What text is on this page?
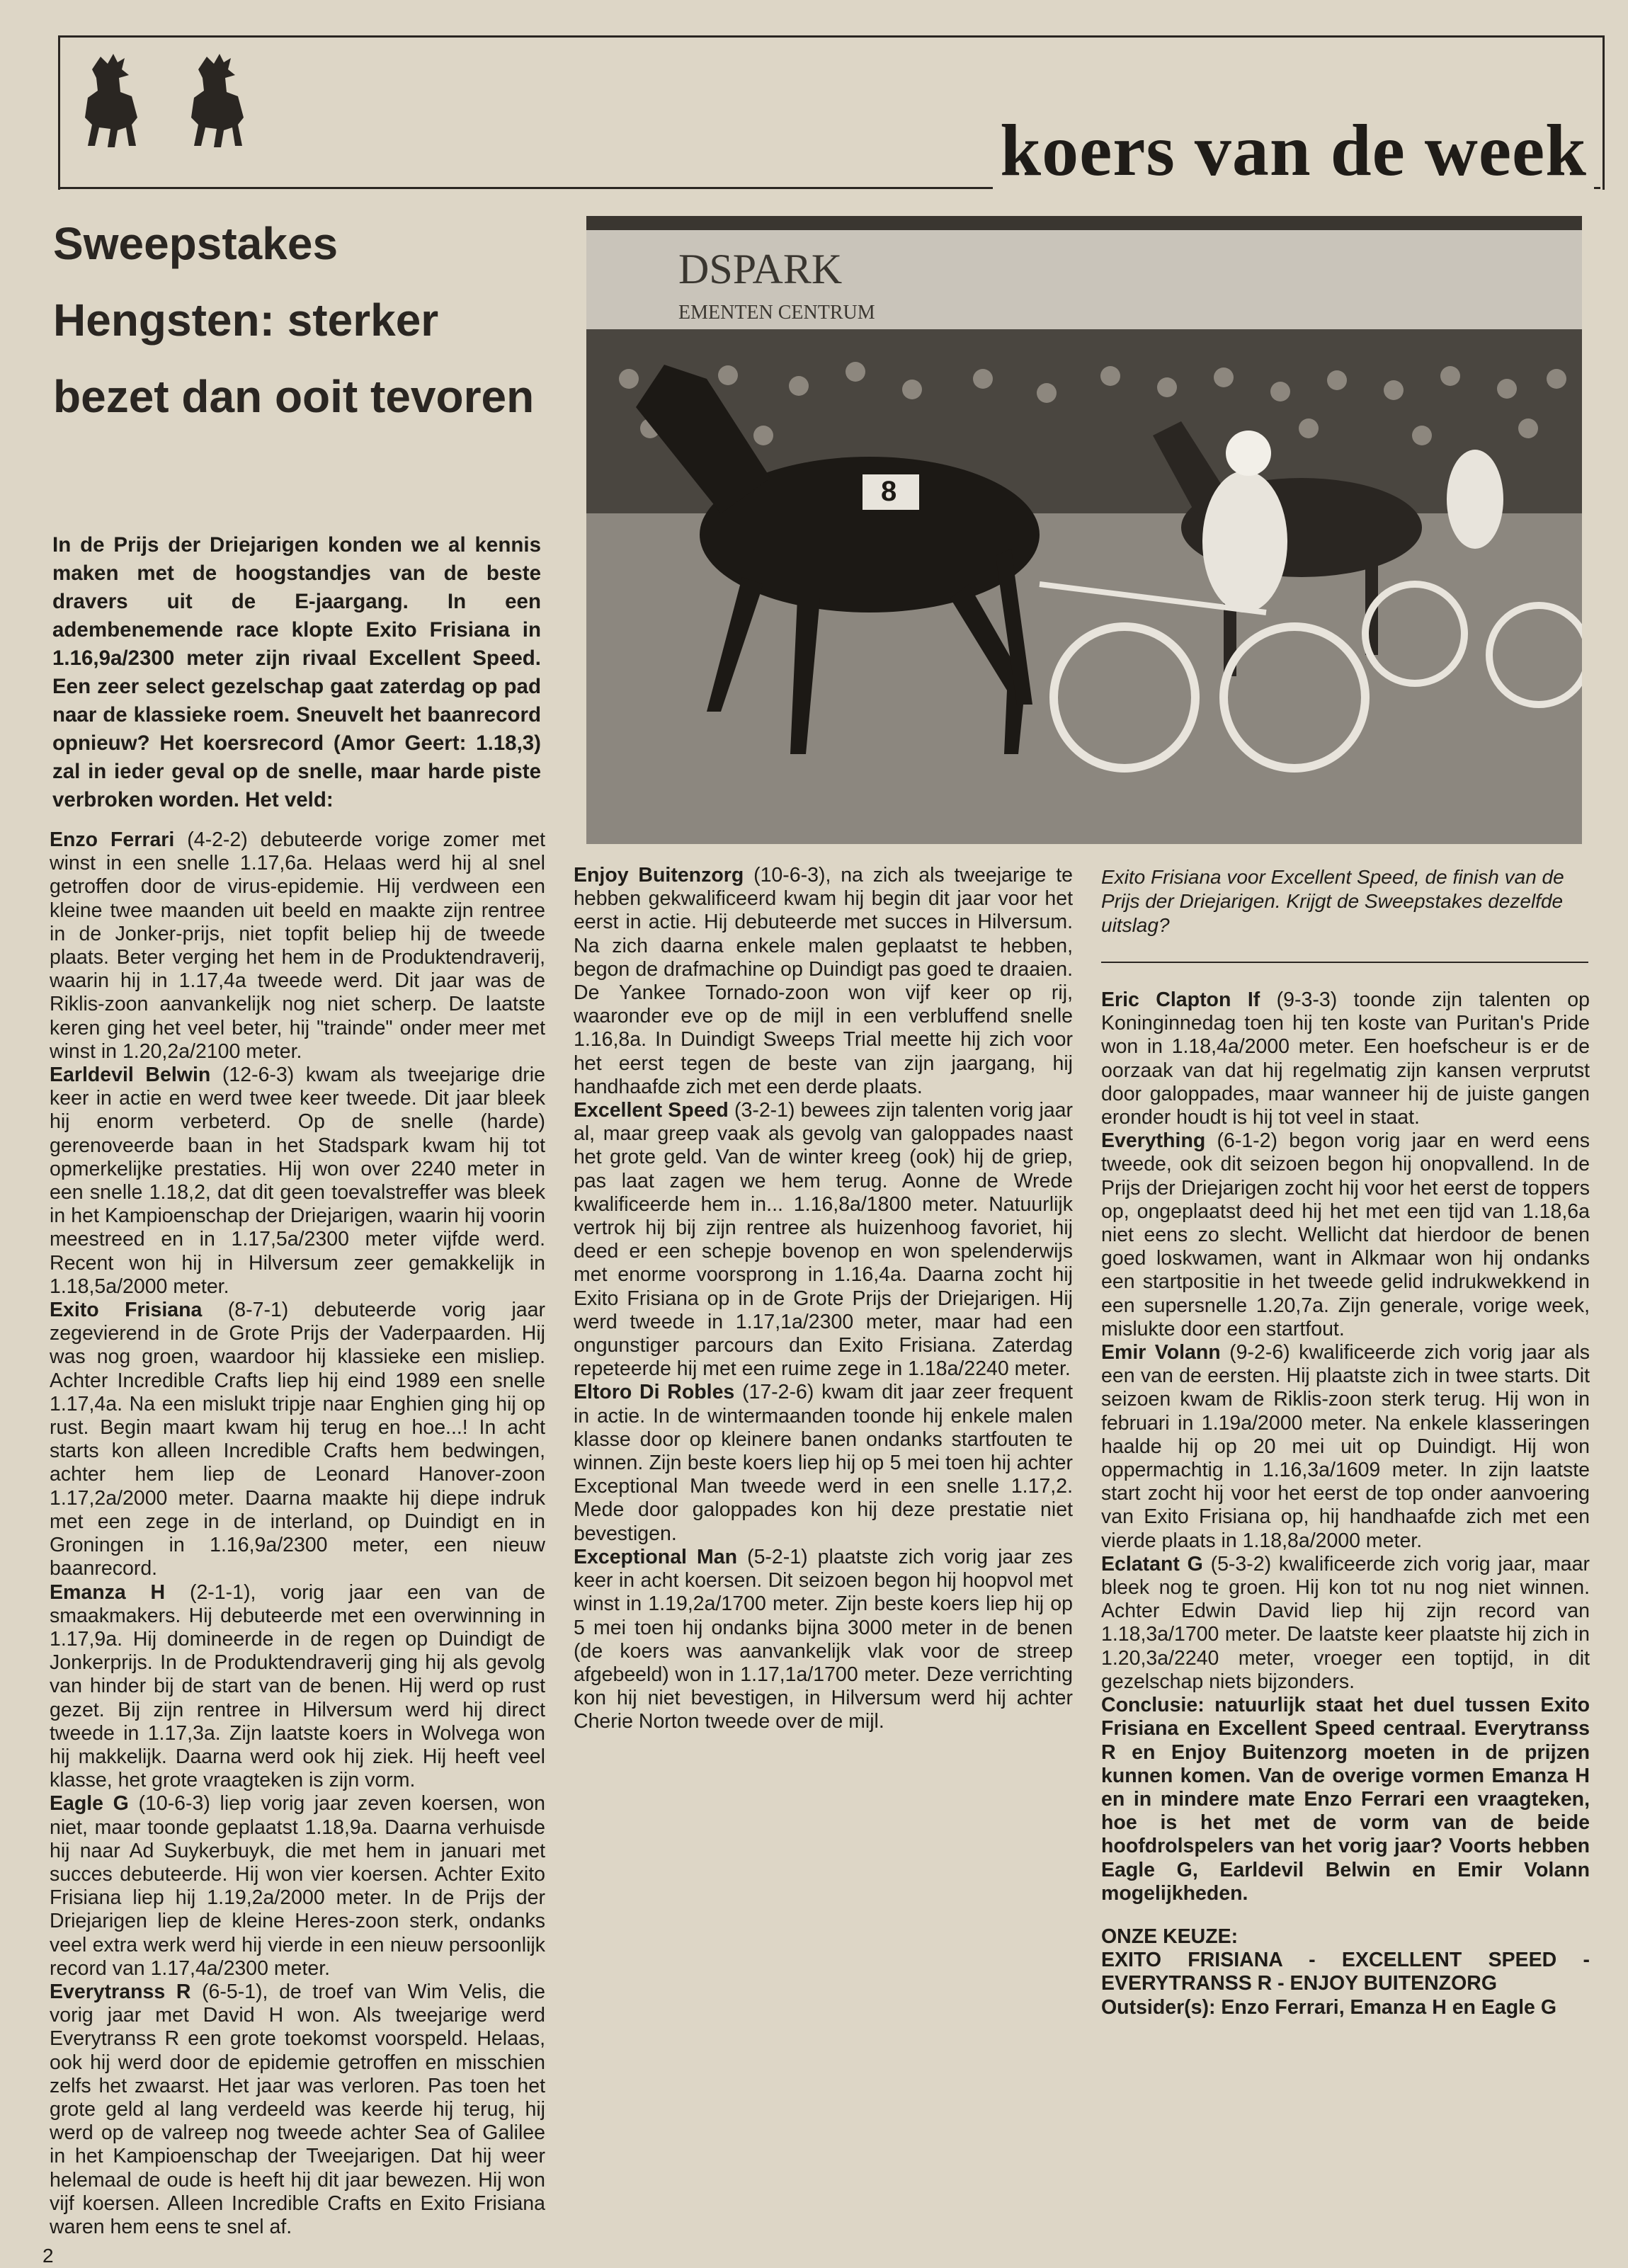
koers van de week
Sweepstakes Hengsten: sterker bezet dan ooit tevoren
In de Prijs der Driejarigen konden we al kennis maken met de hoogstandjes van de beste dravers uit de E-jaargang. In een adembenemende race klopte Exito Frisiana in 1.16,9a/2300 meter zijn rivaal Excellent Speed. Een zeer select gezelschap gaat zaterdag op pad naar de klassieke roem. Sneuvelt het baanrecord opnieuw? Het koersrecord (Amor Geert: 1.18,3) zal in ieder geval op de snelle, maar harde piste verbroken worden. Het veld:
DSPARK
EMENTEN CENTRUM
8
Exito Frisiana voor Excellent Speed, de finish van de Prijs der Driejarigen. Krijgt de Sweepstakes dezelfde uitslag?

Enzo Ferrari (4-2-2) debuteerde vorige zomer met winst in een snelle 1.17,6a. Helaas werd hij al snel getroffen door de virus-epidemie. Hij verdween een kleine twee maanden uit beeld en maakte zijn rentree in de Jonker-prijs, niet topfit beliep hij de tweede plaats. Beter verging het hem in de Produktendraverij, waarin hij in 1.17,4a tweede werd. Dit jaar was de Riklis-zoon aanvankelijk nog niet scherp. De laatste keren ging het veel beter, hij "trainde" onder meer met winst in 1.20,2a/2100 meter.

Earldevil Belwin (12-6-3) kwam als tweejarige drie keer in actie en werd twee keer tweede. Dit jaar bleek hij enorm verbeterd. Op de snelle (harde) gerenoveerde baan in het Stadspark kwam hij tot opmerkelijke prestaties. Hij won over 2240 meter in een snelle 1.18,2, dat dit geen toevalstreffer was bleek in het Kampioenschap der Driejarigen, waarin hij voorin meestreed en in 1.17,5a/2300 meter vijfde werd. Recent won hij in Hilversum zeer gemakkelijk in 1.18,5a/2000 meter.

Exito Frisiana (8-7-1) debuteerde vorig jaar zegevierend in de Grote Prijs der Vaderpaarden. Hij was nog groen, waardoor hij klassieke een misliep. Achter Incredible Crafts liep hij eind 1989 een snelle 1.17,4a. Na een mislukt tripje naar Enghien ging hij op rust. Begin maart kwam hij terug en hoe...! In acht starts kon alleen Incredible Crafts hem bedwingen, achter hem liep de Leonard Hanover-zoon 1.17,2a/2000 meter. Daarna maakte hij diepe indruk met een zege in de interland, op Duindigt en in Groningen in 1.16,9a/2300 meter, een nieuw baanrecord.

Emanza H (2-1-1), vorig jaar een van de smaakmakers. Hij debuteerde met een overwinning in 1.17,9a. Hij domineerde in de regen op Duindigt de Jonkerprijs. In de Produktendraverij ging hij als gevolg van hinder bij de start van de benen. Hij werd op rust gezet. Bij zijn rentree in Hilversum werd hij direct tweede in 1.17,3a. Zijn laatste koers in Wolvega won hij makkelijk. Daarna werd ook hij ziek. Hij heeft veel klasse, het grote vraagteken is zijn vorm.

Eagle G (10-6-3) liep vorig jaar zeven koersen, won niet, maar toonde geplaatst 1.18,9a. Daarna verhuisde hij naar Ad Suykerbuyk, die met hem in januari met succes debuteerde. Hij won vier koersen. Achter Exito Frisiana liep hij 1.19,2a/2000 meter. In de Prijs der Driejarigen liep de kleine Heres-zoon sterk, ondanks veel extra werk werd hij vierde in een nieuw persoonlijk record van 1.17,4a/2300 meter.

Everytranss R (6-5-1), de troef van Wim Velis, die vorig jaar met David H won. Als tweejarige werd Everytranss R een grote toekomst voorspeld. Helaas, ook hij werd door de epidemie getroffen en misschien zelfs het zwaarst. Het jaar was verloren. Pas toen het grote geld al lang verdeeld was keerde hij terug, hij werd op de valreep nog tweede achter Sea of Galilee in het Kampioenschap der Tweejarigen. Dat hij weer helemaal de oude is heeft hij dit jaar bewezen. Hij won vijf koersen. Alleen Incredible Crafts en Exito Frisiana waren hem eens te snel af.

Enjoy Buitenzorg (10-6-3), na zich als tweejarige te hebben gekwalificeerd kwam hij begin dit jaar voor het eerst in actie. Hij debuteerde met succes in Hilversum. Na zich daarna enkele malen geplaatst te hebben, begon de drafmachine op Duindigt pas goed te draaien. De Yankee Tornado-zoon won vijf keer op rij, waaronder eve op de mijl in een verbluffend snelle 1.16,8a. In Duindigt Sweeps Trial meette hij zich voor het eerst tegen de beste van zijn jaargang, hij handhaafde zich met een derde plaats.

Excellent Speed (3-2-1) bewees zijn talenten vorig jaar al, maar greep vaak als gevolg van galoppades naast het grote geld. Van de winter kreeg (ook) hij de griep, pas laat zagen we hem terug. Aonne de Wrede kwalificeerde hem in... 1.16,8a/1800 meter. Natuurlijk vertrok hij bij zijn rentree als huizenhoog favoriet, hij deed er een schepje bovenop en won spelenderwijs met enorme voorsprong in 1.16,4a. Daarna zocht hij Exito Frisiana op in de Grote Prijs der Driejarigen. Hij werd tweede in 1.17,1a/2300 meter, maar had een ongunstiger parcours dan Exito Frisiana. Zaterdag repeteerde hij met een ruime zege in 1.18a/2240 meter.

Eltoro Di Robles (17-2-6) kwam dit jaar zeer frequent in actie. In de wintermaanden toonde hij enkele malen klasse door op kleinere banen ondanks startfouten te winnen. Zijn beste koers liep hij op 5 mei toen hij achter Exceptional Man tweede werd in een snelle 1.17,2. Mede door galoppades kon hij deze prestatie niet bevestigen.

Exceptional Man (5-2-1) plaatste zich vorig jaar zes keer in acht koersen. Dit seizoen begon hij hoopvol met winst in 1.19,2a/1700 meter. Zijn beste koers liep hij op 5 mei toen hij ondanks bijna 3000 meter in de benen (de koers was aanvankelijk vlak voor de streep afgebeeld) won in 1.17,1a/1700 meter. Deze verrichting kon hij niet bevestigen, in Hilversum werd hij achter Cherie Norton tweede over de mijl.

Eric Clapton If (9-3-3) toonde zijn talenten op Koninginnedag toen hij ten koste van Puritan's Pride won in 1.18,4a/2000 meter. Een hoefscheur is er de oorzaak van dat hij regelmatig zijn kansen verprutst door galoppades, maar wanneer hij de juiste gangen eronder houdt is hij tot veel in staat.

Everything (6-1-2) begon vorig jaar en werd eens tweede, ook dit seizoen begon hij onopvallend. In de Prijs der Driejarigen zocht hij voor het eerst de toppers op, ongeplaatst deed hij het met een tijd van 1.18,6a niet eens zo slecht. Wellicht dat hierdoor de benen goed loskwamen, want in Alkmaar won hij ondanks een startpositie in het tweede gelid indrukwekkend in een supersnelle 1.20,7a. Zijn generale, vorige week, mislukte door een startfout.

Emir Volann (9-2-6) kwalificeerde zich vorig jaar als een van de eersten. Hij plaatste zich in twee starts. Dit seizoen kwam de Riklis-zoon sterk terug. Hij won in februari in 1.19a/2000 meter. Na enkele klasseringen haalde hij op 20 mei uit op Duindigt. Hij won oppermachtig in 1.16,3a/1609 meter. In zijn laatste start zocht hij voor het eerst de top onder aanvoering van Exito Frisiana op, hij handhaafde zich met een vierde plaats in 1.18,8a/2000 meter.

Eclatant G (5-3-2) kwalificeerde zich vorig jaar, maar bleek nog te groen. Hij kon tot nu nog niet winnen. Achter Edwin David liep hij zijn record van 1.18,3a/1700 meter. De laatste keer plaatste hij zich in 1.20,3a/2240 meter, vroeger een toptijd, in dit gezelschap niets bijzonders.

Conclusie: natuurlijk staat het duel tussen Exito Frisiana en Excellent Speed centraal. Everytranss R en Enjoy Buitenzorg moeten in de prijzen kunnen komen. Van de overige vormen Emanza H en in mindere mate Enzo Ferrari een vraagteken, hoe is het met de vorm van de beide hoofdrolspelers van het vorig jaar? Voorts hebben Eagle G, Earldevil Belwin en Emir Volann mogelijkheden.

ONZE KEUZE:

EXITO FRISIANA - EXCELLENT SPEED - EVERYTRANSS R - ENJOY BUITENZORG

Outsider(s): Enzo Ferrari, Emanza H en Eagle G

2
